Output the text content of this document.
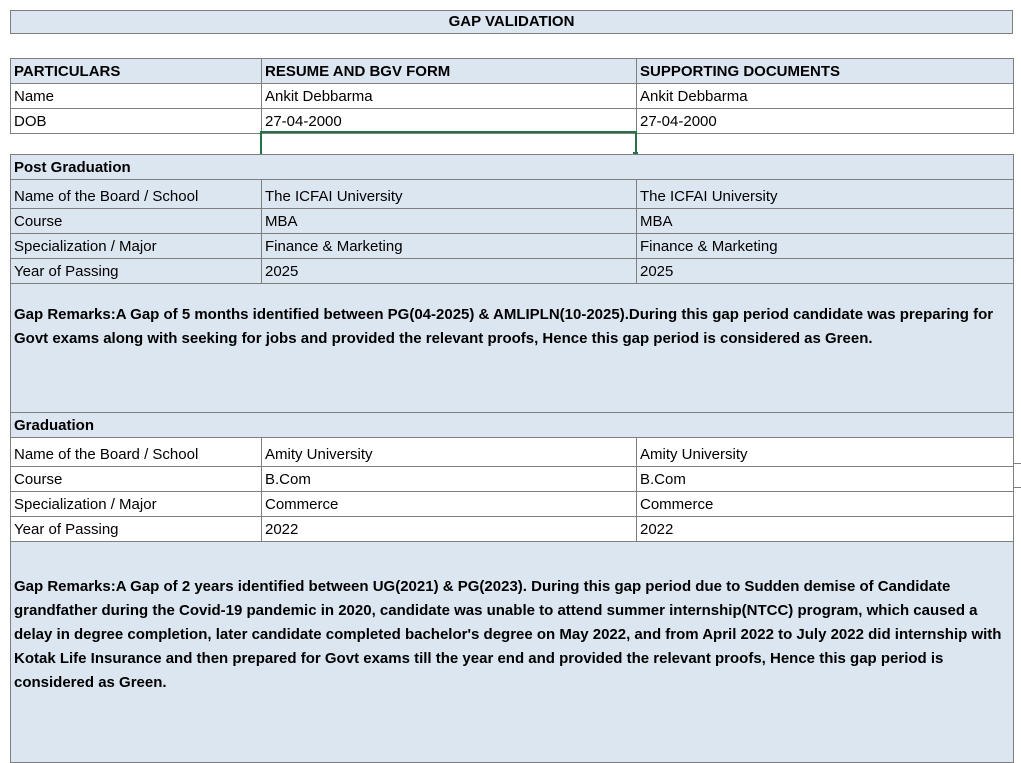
GAP VALIDATION
PARTICULARS	RESUME AND BGV FORM	SUPPORTING DOCUMENTS
Name	Ankit Debbarma	Ankit Debbarma
DOB	27-04-2000	27-04-2000
Post Graduation		
Name of the Board / School	The ICFAI University	The ICFAI University
Course	MBA	MBA
Specialization / Major	Finance & Marketing	Finance & Marketing
Year of Passing	2025	2025
Gap Remarks:A Gap of 5 months identified between PG(04-2025) & AMLIPLN(10-2025).During this gap period candidate was preparing for Govt exams along with seeking for jobs and provided the relevant proofs, Hence this gap period is considered as Green.		
Graduation		
Name of the Board / School	Amity University	Amity University
Course	B.Com	B.Com
Specialization / Major	Commerce	Commerce
Year of Passing	2022	2022
Gap Remarks:A Gap of 2 years identified between UG(2021) & PG(2023). During this gap period due to Sudden demise of Candidate grandfather during the Covid-19 pandemic in 2020, candidate was unable to attend summer internship(NTCC) program, which caused a delay in degree completion, later candidate completed bachelor's degree on May 2022, and from April 2022 to July 2022 did internship with Kotak Life Insurance and then prepared for Govt exams till the year end and provided the relevant proofs, Hence this gap period is considered as Green.		
